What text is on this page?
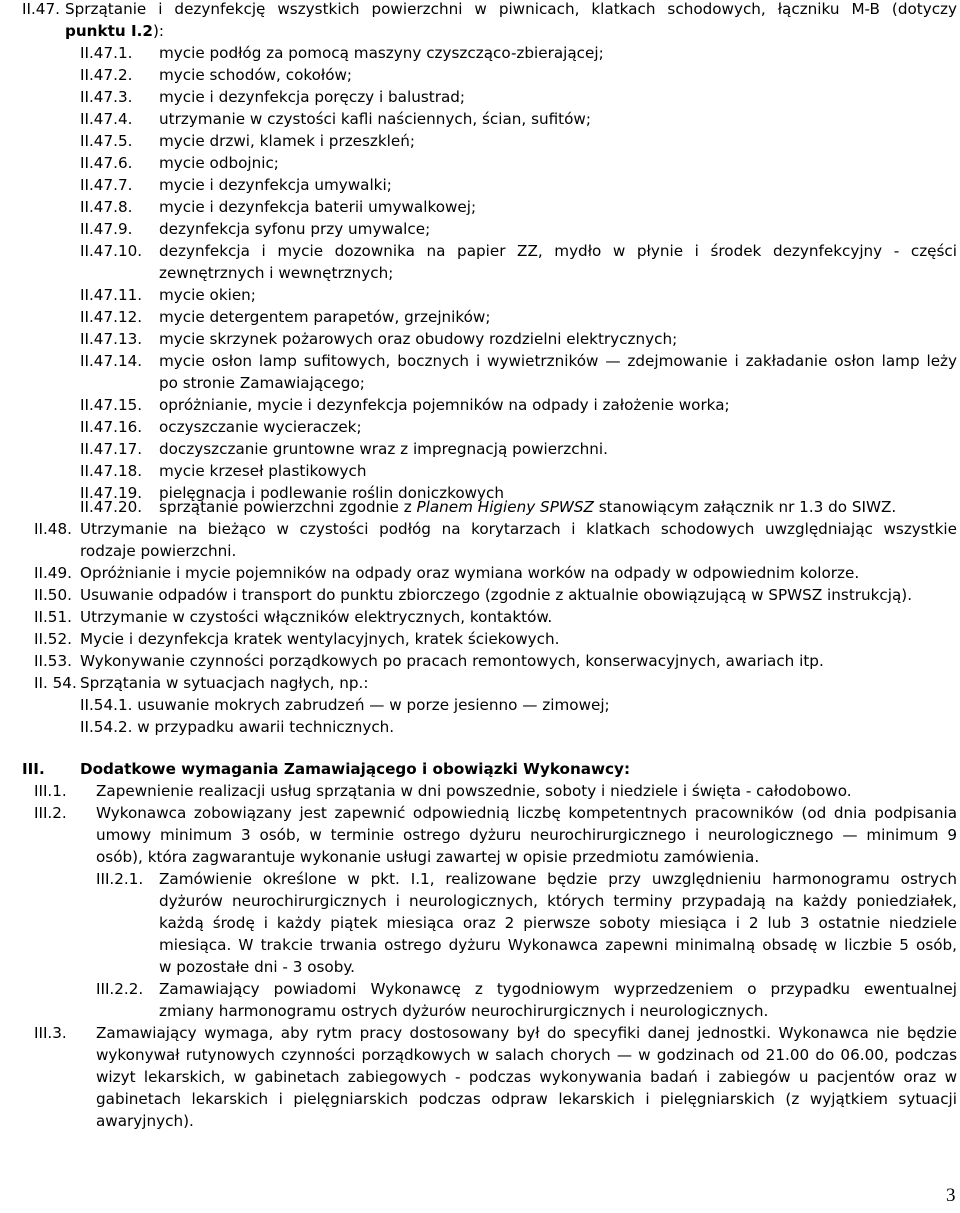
II.47. Sprzątanie i dezynfekcję wszystkich powierzchni w piwnicach, klatkach schodowych, łączniku M-B (dotyczy
punktu I.2):
II.47.1. mycie podłóg za pomocą maszyny czyszcząco-zbierającej;
II.47.2. mycie schodów, cokołów;
II.47.3. mycie i dezynfekcja poręczy i balustrad;
II.47.4. utrzymanie w czystości kafli naściennych, ścian, sufitów;
II.47.5. mycie drzwi, klamek i przeszkleń;
II.47.6. mycie odbojnic;
II.47.7. mycie i dezynfekcja umywalki;
II.47.8. mycie i dezynfekcja baterii umywalkowej;
II.47.9. dezynfekcja syfonu przy umywalce;
II.47.10. dezynfekcja i mycie dozownika na papier ZZ, mydło w płynie i środek dezynfekcyjny - części
zewnętrznych i wewnętrznych;
II.47.11. mycie okien;
II.47.12. mycie detergentem parapetów, grzejników;
II.47.13. mycie skrzynek pożarowych oraz obudowy rozdzielni elektrycznych;
II.47.14. mycie osłon lamp sufitowych, bocznych i wywietrzników — zdejmowanie i zakładanie osłon lamp leży
po stronie Zamawiającego;
II.47.15. opróżnianie, mycie i dezynfekcja pojemników na odpady i założenie worka;
II.47.16. oczyszczanie wycieraczek;
II.47.17. doczyszczanie gruntowne wraz z impregnacją powierzchni.
II.47.18. mycie krzeseł plastikowych
II.47.19. pielęgnacja i podlewanie roślin doniczkowych
II.47.20. sprzątanie powierzchni zgodnie z Planem Higieny SPWSZ stanowiącym załącznik nr 1.3 do SIWZ.
II.48. Utrzymanie na bieżąco w czystości podłóg na korytarzach i klatkach schodowych uwzględniając wszystkie
rodzaje powierzchni.
II.49. Opróżnianie i mycie pojemników na odpady oraz wymiana worków na odpady w odpowiednim kolorze.
II.50. Usuwanie odpadów i transport do punktu zbiorczego (zgodnie z aktualnie obowiązującą w SPWSZ instrukcją).
II.51. Utrzymanie w czystości włączników elektrycznych, kontaktów.
II.52. Mycie i dezynfekcja kratek wentylacyjnych, kratek ściekowych.
II.53. Wykonywanie czynności porządkowych po pracach remontowych, konserwacyjnych, awariach itp.
II. 54. Sprzątania w sytuacjach nagłych, np.:
II.54.1. usuwanie mokrych zabrudzeń — w porze jesienno — zimowej;
II.54.2. w przypadku awarii technicznych.
III. Dodatkowe wymagania Zamawiającego i obowiązki Wykonawcy:
III.1. Zapewnienie realizacji usług sprzątania w dni powszednie, soboty i niedziele i święta - całodobowo.
III.2. Wykonawca zobowiązany jest zapewnić odpowiednią liczbę kompetentnych pracowników (od dnia podpisania
umowy minimum 3 osób, w terminie ostrego dyżuru neurochirurgicznego i neurologicznego — minimum 9
osób), która zagwarantuje wykonanie usługi zawartej w opisie przedmiotu zamówienia.
III.2.1. Zamówienie określone w pkt. I.1, realizowane będzie przy uwzględnieniu harmonogramu ostrych
dyżurów neurochirurgicznych i neurologicznych, których terminy przypadają na każdy poniedziałek,
każdą środę i każdy piątek miesiąca oraz 2 pierwsze soboty miesiąca i 2 lub 3 ostatnie niedziele
miesiąca. W trakcie trwania ostrego dyżuru Wykonawca zapewni minimalną obsadę w liczbie 5 osób,
w pozostałe dni - 3 osoby.
III.2.2. Zamawiający powiadomi Wykonawcę z tygodniowym wyprzedzeniem o przypadku ewentualnej
zmiany harmonogramu ostrych dyżurów neurochirurgicznych i neurologicznych.
III.3. Zamawiający wymaga, aby rytm pracy dostosowany był do specyfiki danej jednostki. Wykonawca nie będzie
wykonywał rutynowych czynności porządkowych w salach chorych — w godzinach od 21.00 do 06.00, podczas
wizyt lekarskich, w gabinetach zabiegowych - podczas wykonywania badań i zabiegów u pacjentów oraz w
gabinetach lekarskich i pielęgniarskich podczas odpraw lekarskich i pielęgniarskich (z wyjątkiem sytuacji
awaryjnych).
3
